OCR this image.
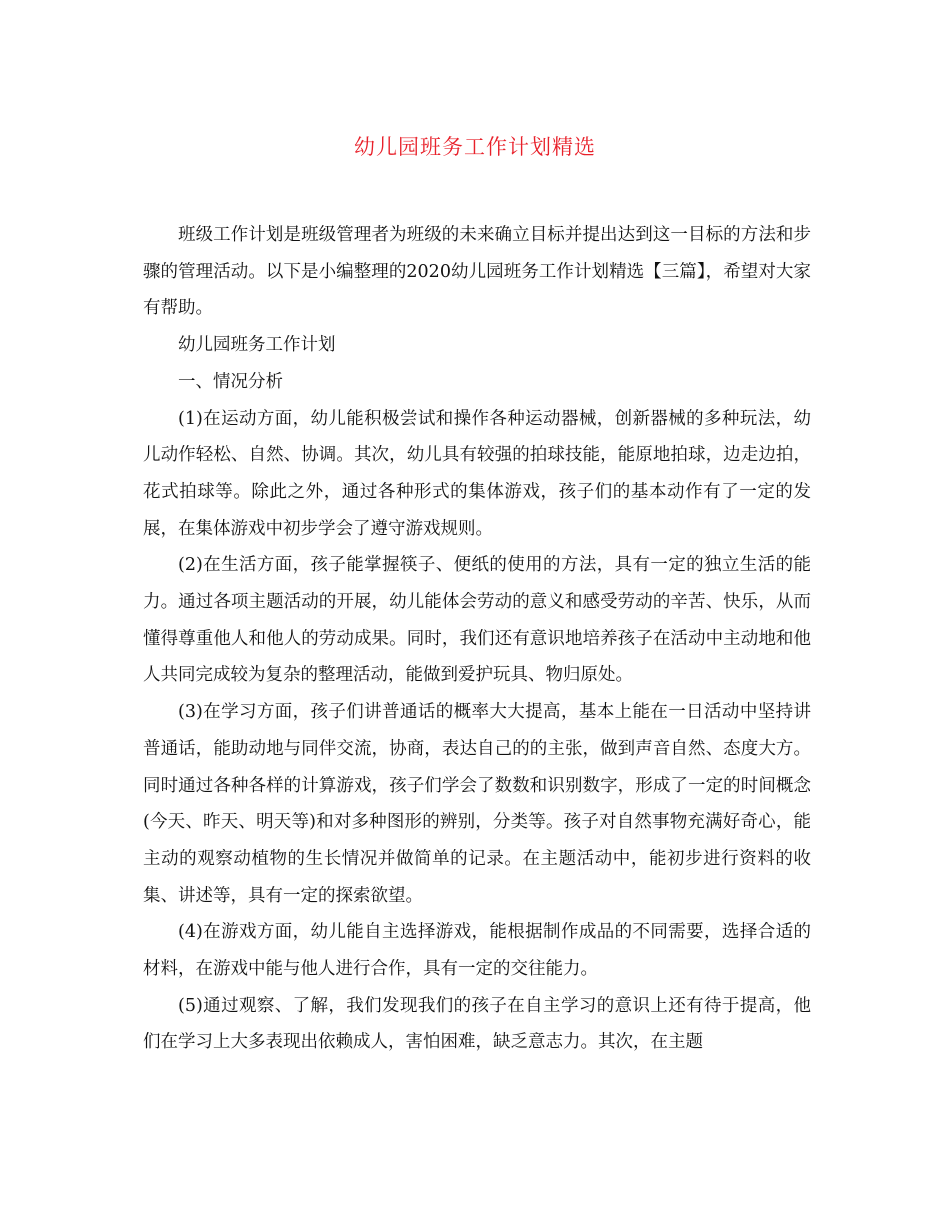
幼儿园班务工作计划精选

班级工作计划是班级管理者为班级的未来确立目标并提出达到这一目标的方法和步骤的管理活动。以下是小编整理的2020幼儿园班务工作计划精选【三篇】，希望对大家有帮助。

幼儿园班务工作计划

一、情况分析

(1)在运动方面，幼儿能积极尝试和操作各种运动器械，创新器械的多种玩法，幼儿动作轻松、自然、协调。其次，幼儿具有较强的拍球技能，能原地拍球，边走边拍，花式拍球等。除此之外，通过各种形式的集体游戏，孩子们的基本动作有了一定的发展，在集体游戏中初步学会了遵守游戏规则。

(2)在生活方面，孩子能掌握筷子、便纸的使用的方法，具有一定的独立生活的能力。通过各项主题活动的开展，幼儿能体会劳动的意义和感受劳动的辛苦、快乐，从而懂得尊重他人和他人的劳动成果。同时，我们还有意识地培养孩子在活动中主动地和他人共同完成较为复杂的整理活动，能做到爱护玩具、物归原处。

(3)在学习方面，孩子们讲普通话的概率大大提高，基本上能在一日活动中坚持讲普通话，能助动地与同伴交流，协商，表达自己的的主张，做到声音自然、态度大方。同时通过各种各样的计算游戏，孩子们学会了数数和识别数字，形成了一定的时间概念(今天、昨天、明天等)和对多种图形的辨别，分类等。孩子对自然事物充满好奇心，能主动的观察动植物的生长情况并做简单的记录。在主题活动中，能初步进行资料的收集、讲述等，具有一定的探索欲望。

(4)在游戏方面，幼儿能自主选择游戏，能根据制作成品的不同需要，选择合适的材料，在游戏中能与他人进行合作，具有一定的交往能力。

(5)通过观察、了解，我们发现我们的孩子在自主学习的意识上还有待于提高，他们在学习上大多表现出依赖成人，害怕困难，缺乏意志力。其次，在主题
